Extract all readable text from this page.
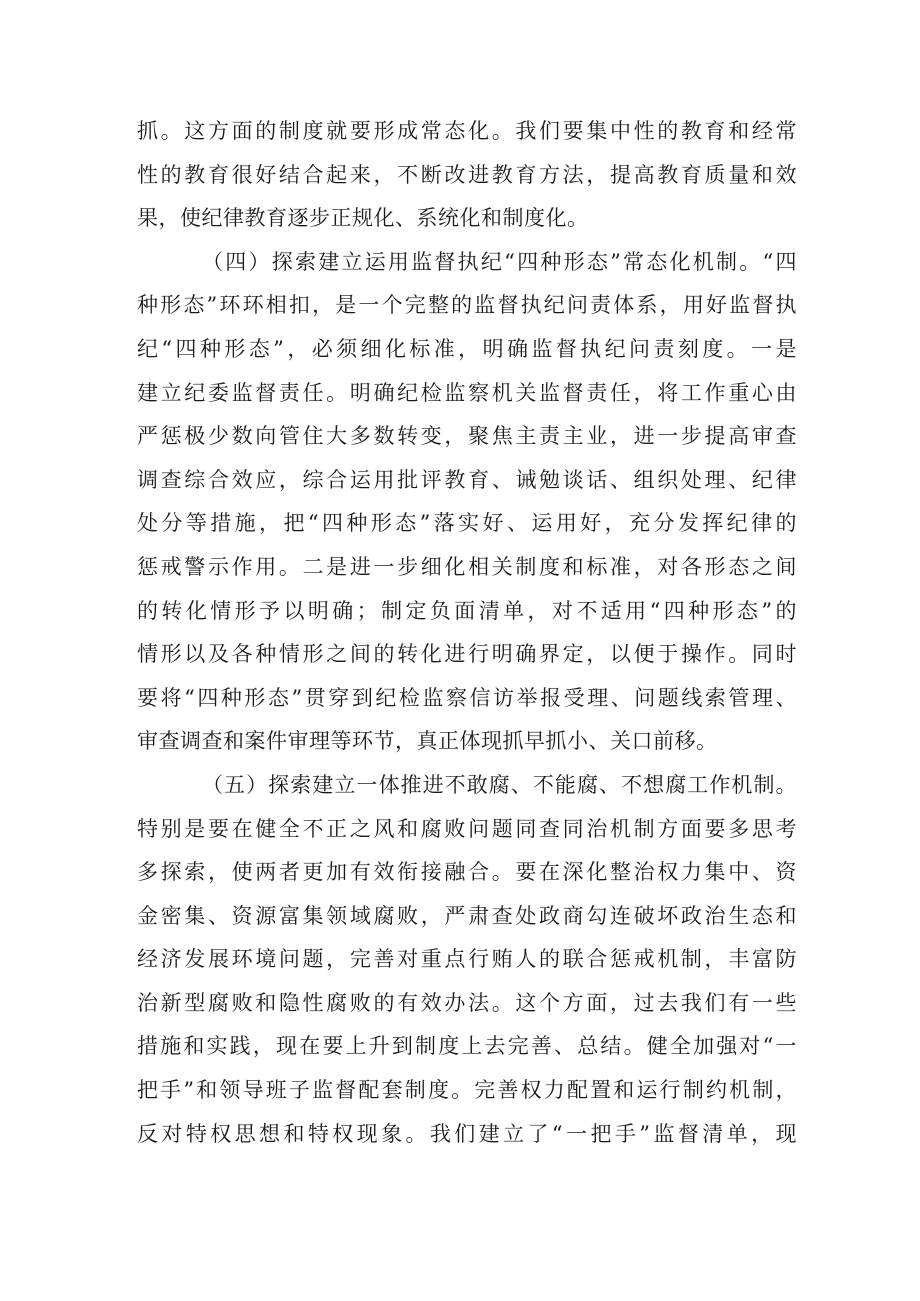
抓。这方面的制度就要形成常态化。我们要集中性的教育和经常
性的教育很好结合起来，不断改进教育方法，提高教育质量和效
果，使纪律教育逐步正规化、系统化和制度化。
（四）探索建立运用监督执纪“四种形态”常态化机制。“四
种形态”环环相扣，是一个完整的监督执纪问责体系，用好监督执
纪“四种形态”，必须细化标准，明确监督执纪问责刻度。一是
建立纪委监督责任。明确纪检监察机关监督责任，将工作重心由
严惩极少数向管住大多数转变，聚焦主责主业，进一步提高审查
调查综合效应，综合运用批评教育、诫勉谈话、组织处理、纪律
处分等措施，把“四种形态”落实好、运用好，充分发挥纪律的
惩戒警示作用。二是进一步细化相关制度和标准，对各形态之间
的转化情形予以明确；制定负面清单，对不适用“四种形态”的
情形以及各种情形之间的转化进行明确界定，以便于操作。同时
要将“四种形态”贯穿到纪检监察信访举报受理、问题线索管理、
审查调查和案件审理等环节，真正体现抓早抓小、关口前移。
（五）探索建立一体推进不敢腐、不能腐、不想腐工作机制。
特别是要在健全不正之风和腐败问题同查同治机制方面要多思考
多探索，使两者更加有效衔接融合。要在深化整治权力集中、资
金密集、资源富集领域腐败，严肃查处政商勾连破坏政治生态和
经济发展环境问题，完善对重点行贿人的联合惩戒机制，丰富防
治新型腐败和隐性腐败的有效办法。这个方面，过去我们有一些
措施和实践，现在要上升到制度上去完善、总结。健全加强对“一
把手”和领导班子监督配套制度。完善权力配置和运行制约机制，
反对特权思想和特权现象。我们建立了“一把手”监督清单，现
